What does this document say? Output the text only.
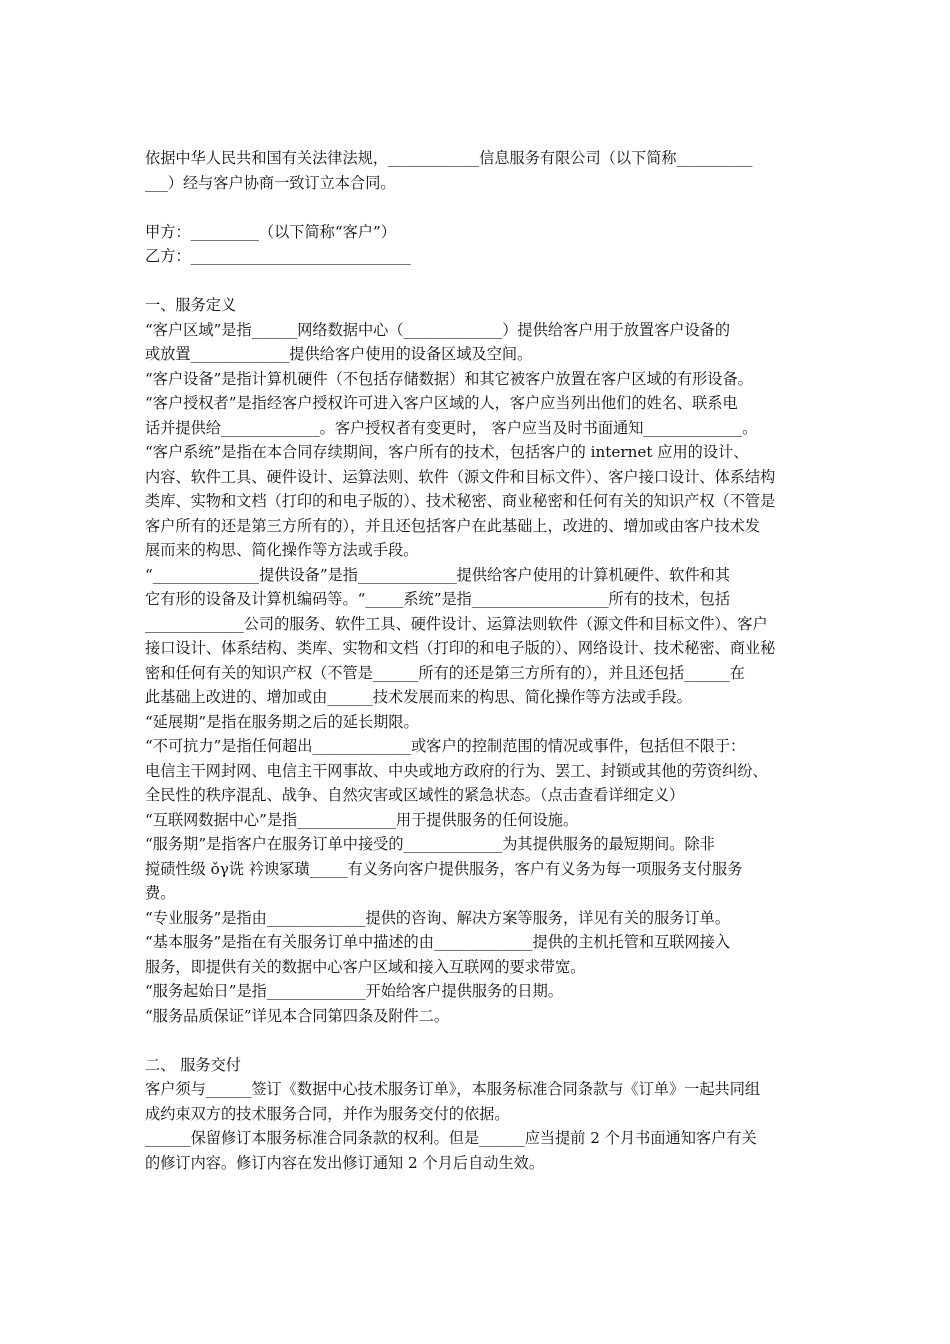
依据中华人民共和国有关法律法规，____________信息服务有限公司（以下简称__________
___）经与客户协商一致订立本合同。
甲方：_________（以下简称“客户”）
乙方：_____________________________
一、服务定义
“客户区域”是指______网络数据中心（_____________）提供给客户用于放置客户设备的
或放置_____________提供给客户使用的设备区域及空间。
“客户设备”是指计算机硬件（不包括存储数据）和其它被客户放置在客户区域的有形设备。
“客户授权者”是指经客户授权许可进入客户区域的人，客户应当列出他们的姓名、联系电
话并提供给_____________。客户授权者有变更时， 客户应当及时书面通知_____________。
“客户系统”是指在本合同存续期间，客户所有的技术，包括客户的 internet 应用的设计、
内容、软件工具、硬件设计、运算法则、软件（源文件和目标文件）、客户接口设计、体系结构
类库、实物和文档（打印的和电子版的）、技术秘密、商业秘密和任何有关的知识产权（不管是
客户所有的还是第三方所有的），并且还包括客户在此基础上，改进的、增加或由客户技术发
展而来的构思、简化操作等方法或手段。
“______________提供设备”是指_____________提供给客户使用的计算机硬件、软件和其
它有形的设备及计算机编码等。“_____系统”是指__________________所有的技术，包括
_____________公司的服务、软件工具、硬件设计、运算法则软件（源文件和目标文件）、客户
接口设计、体系结构、类库、实物和文档（打印的和电子版的）、网络设计、技术秘密、商业秘
密和任何有关的知识产权（不管是______所有的还是第三方所有的），并且还包括______在
此基础上改进的、增加或由______技术发展而来的构思、简化操作等方法或手段。
“延展期”是指在服务期之后的延长期限。
“不可抗力”是指任何超出_____________或客户的控制范围的情况或事件，包括但不限于：
电信主干网封网、电信主干网事故、中央或地方政府的行为、罢工、封锁或其他的劳资纠纷、
全民性的秩序混乱、战争、自然灾害或区域性的紧急状态。（点击查看详细定义）
“互联网数据中心”是指_____________用于提供服务的任何设施。
“服务期”是指客户在服务订单中接受的_____________为其提供服务的最短期间。除非
搅碛性级 ǒγ诜 衿谀冢璜_____有义务向客户提供服务，客户有义务为每一项服务支付服务
费。
“专业服务”是指由_____________提供的咨询、解决方案等服务，详见有关的服务订单。
“基本服务”是指在有关服务订单中描述的由_____________提供的主机托管和互联网接入
服务，即提供有关的数据中心客户区域和接入互联网的要求带宽。
“服务起始日”是指_____________开始给客户提供服务的日期。
“服务品质保证”详见本合同第四条及附件二。
二、 服务交付
客户须与______签订《数据中心技术服务订单》，本服务标准合同条款与《订单》一起共同组
成约束双方的技术服务合同，并作为服务交付的依据。
______保留修订本服务标准合同条款的权利。但是______应当提前 2 个月书面通知客户有关
的修订内容。修订内容在发出修订通知 2 个月后自动生效。
